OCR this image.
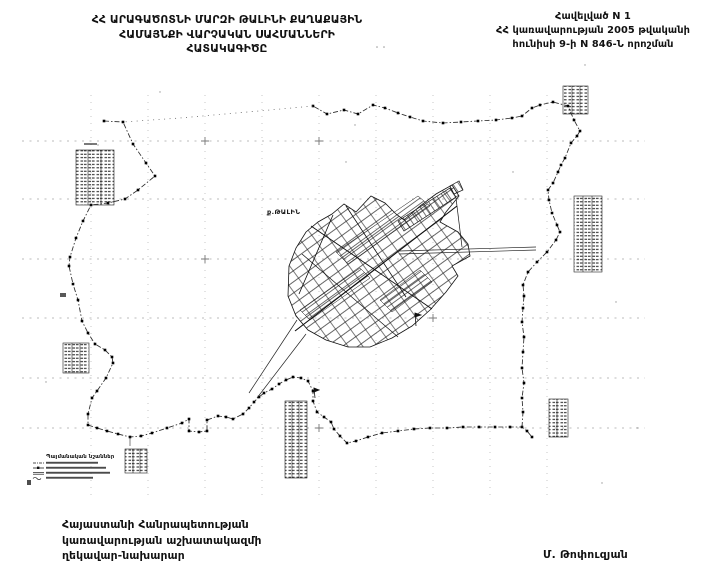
ք.ԹԱԼԻՆ
Պայմանական նշաններ
ՀՀ ԱՐԱԳԱԾՈՏՆԻ ՄԱՐԶԻ ԹԱԼԻՆԻ ՔԱՂԱՔԱՅԻՆ
ՀԱՄԱՅՆՔԻ ՎԱՐՉԱԿԱՆ ՍԱՀՄԱՆՆԵՐԻ
ՀԱՏԱԿԱԳԻԾԸ
Հավելված N 1
ՀՀ կառավարության 2005 թվականի
հունիսի 9-ի N 846-Ն որոշման
Հայաստանի Հանրապետության
կառավարության աշխատակազմի
ղեկավար-նախարար	Մ. Թոփուզյան
